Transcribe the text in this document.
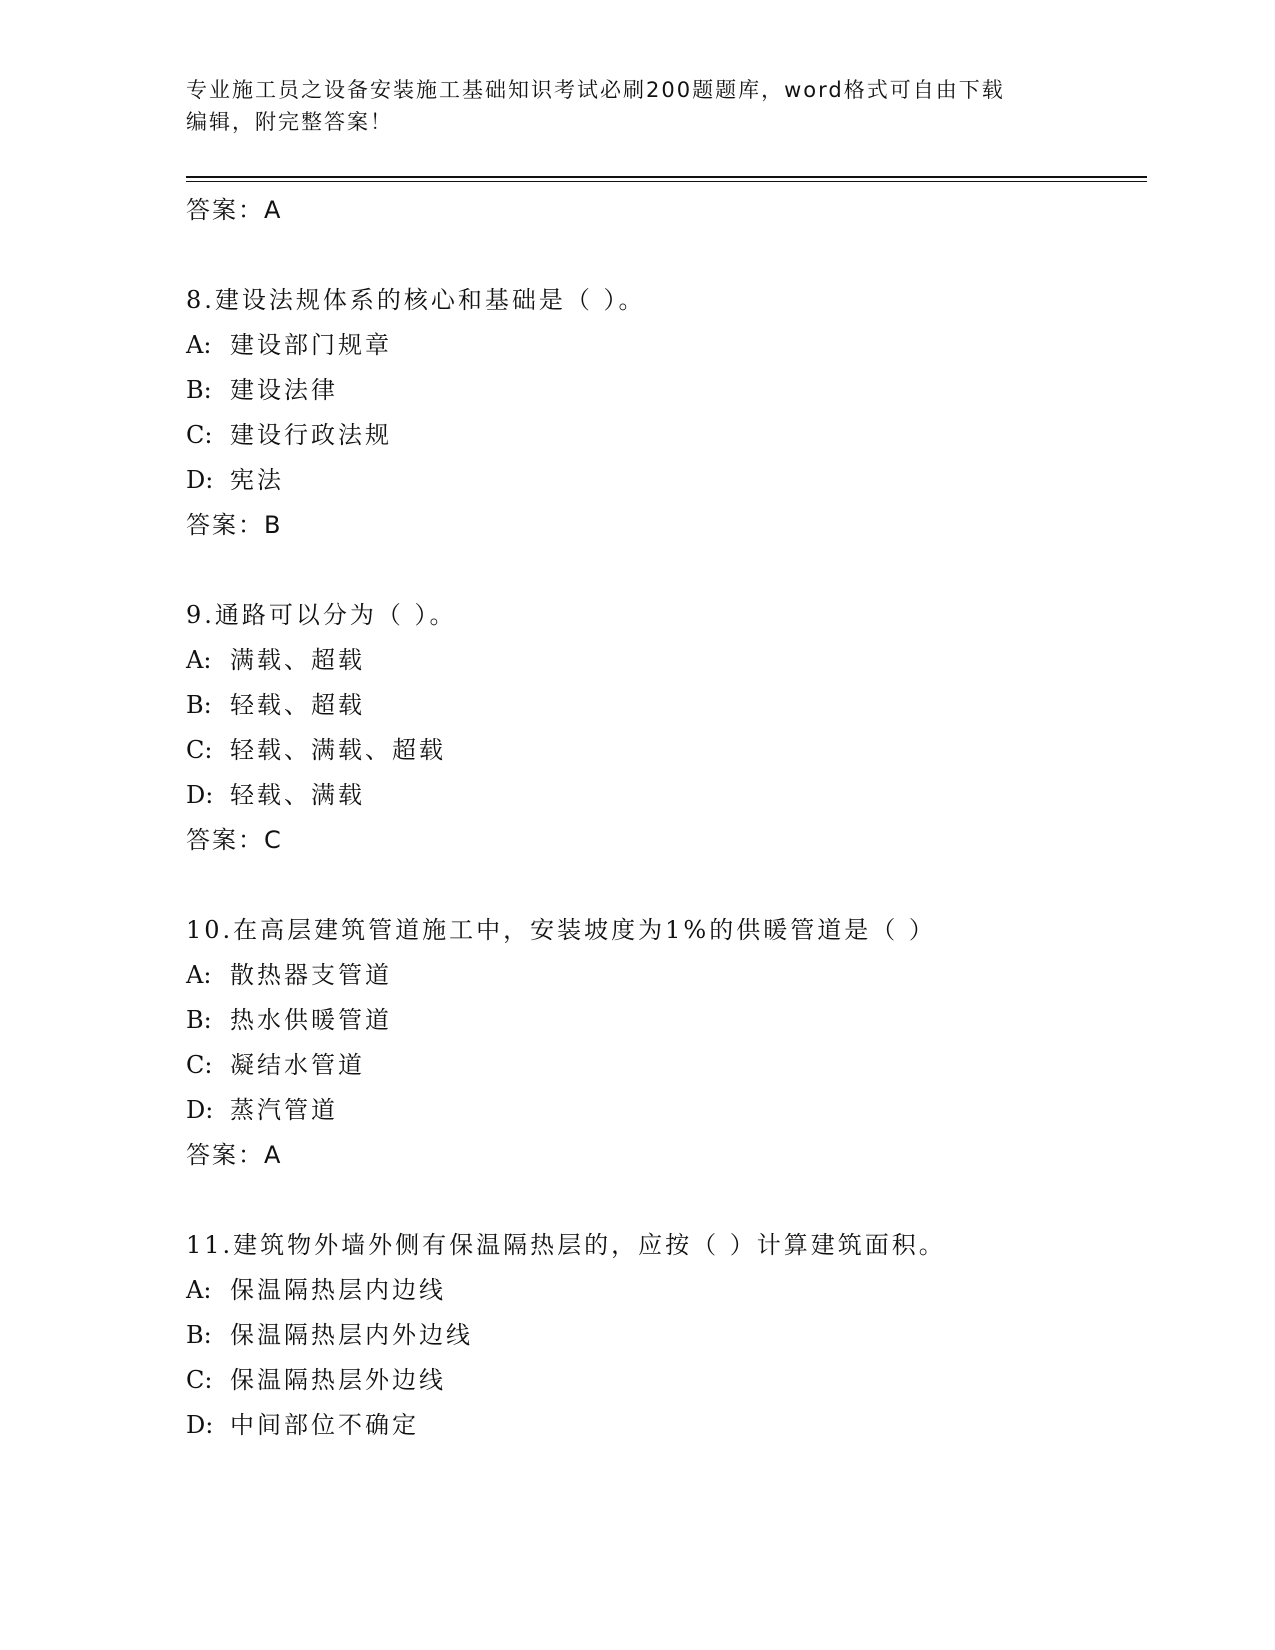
专业施工员之设备安装施工基础知识考试必刷200题题库，word格式可自由下载
编辑，附完整答案！
答案：A
8.建设法规体系的核心和基础是（ ）。
A: 建设部门规章
B: 建设法律
C: 建设行政法规
D: 宪法
答案：B
9.通路可以分为（ ）。
A: 满载、超载
B: 轻载、超载
C: 轻载、满载、超载
D: 轻载、满载
答案：C
10.在高层建筑管道施工中，安装坡度为1%的供暖管道是（ ）
A: 散热器支管道
B: 热水供暖管道
C: 凝结水管道
D: 蒸汽管道
答案：A
11.建筑物外墙外侧有保温隔热层的，应按（ ）计算建筑面积。
A: 保温隔热层内边线
B: 保温隔热层内外边线
C: 保温隔热层外边线
D: 中间部位不确定
